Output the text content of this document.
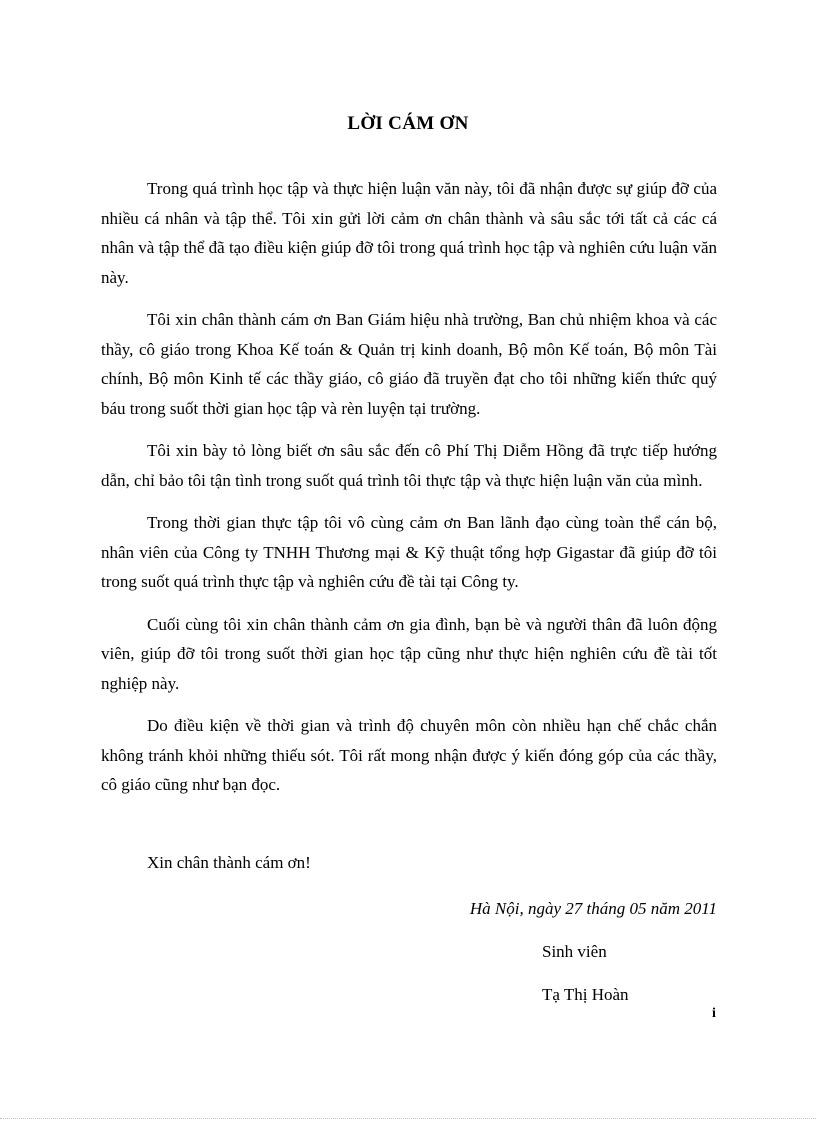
LỜI CÁM ƠN

Trong quá trình học tập và thực hiện luận văn này, tôi đã nhận được sự giúp đỡ của nhiều cá nhân và tập thể. Tôi xin gửi lời cảm ơn chân thành và sâu sắc tới tất cả các cá nhân và tập thể đã tạo điều kiện giúp đỡ tôi trong quá trình học tập và nghiên cứu luận văn này.

Tôi xin chân thành cám ơn Ban Giám hiệu nhà trường, Ban chủ nhiệm khoa và các thầy, cô giáo trong Khoa Kế toán & Quản trị kinh doanh, Bộ môn Kế toán, Bộ môn Tài chính, Bộ môn Kinh tế các thầy giáo, cô giáo đã truyền đạt cho tôi những kiến thức quý báu trong suốt thời gian học tập và rèn luyện tại trường.

Tôi xin bày tỏ lòng biết ơn sâu sắc đến cô Phí Thị Diễm Hồng đã trực tiếp hướng dẫn, chỉ bảo tôi tận tình trong suốt quá trình tôi thực tập và thực hiện luận văn của mình.

Trong thời gian thực tập tôi vô cùng cảm ơn Ban lãnh đạo cùng toàn thể cán bộ, nhân viên của Công ty TNHH Thương mại & Kỹ thuật tổng hợp Gigastar đã giúp đỡ tôi trong suốt quá trình thực tập và nghiên cứu đề tài tại Công ty.

Cuối cùng tôi xin chân thành cảm ơn gia đình, bạn bè và người thân đã luôn động viên, giúp đỡ tôi trong suốt thời gian học tập cũng như thực hiện nghiên cứu đề tài tốt nghiệp này.

Do điều kiện về thời gian và trình độ chuyên môn còn nhiều hạn chế chắc chắn không tránh khỏi những thiếu sót. Tôi rất mong nhận được ý kiến đóng góp của các thầy, cô giáo cũng như bạn đọc.

Xin chân thành cám ơn!
Hà Nội, ngày 27 tháng 05 năm 2011
Sinh viên
Tạ Thị Hoàn
i
